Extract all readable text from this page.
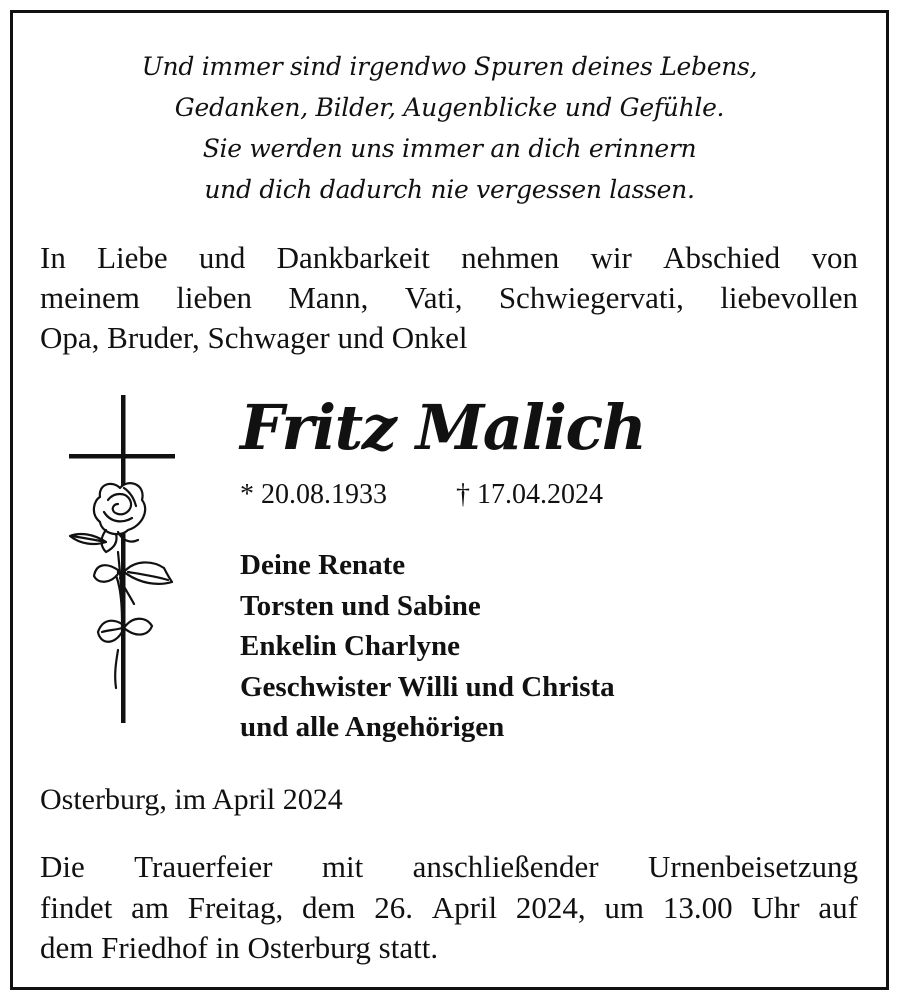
Und immer sind irgendwo Spuren deines Lebens,
Gedanken, Bilder, Augenblicke und Gefühle.
Sie werden uns immer an dich erinnern
und dich dadurch nie vergessen lassen.
In Liebe und Dankbarkeit nehmen wir Abschied von
meinem lieben Mann, Vati, Schwiegervati, liebevollen
Opa, Bruder, Schwager und Onkel
Fritz Malich
* 20.08.1933 † 17.04.2024
Deine Renate
Torsten und Sabine
Enkelin Charlyne
Geschwister Willi und Christa
und alle Angehörigen
Osterburg, im April 2024
Die Trauerfeier mit anschließender Urnenbeisetzung
findet am Freitag, dem 26. April 2024, um 13.00 Uhr auf
dem Friedhof in Osterburg statt.
